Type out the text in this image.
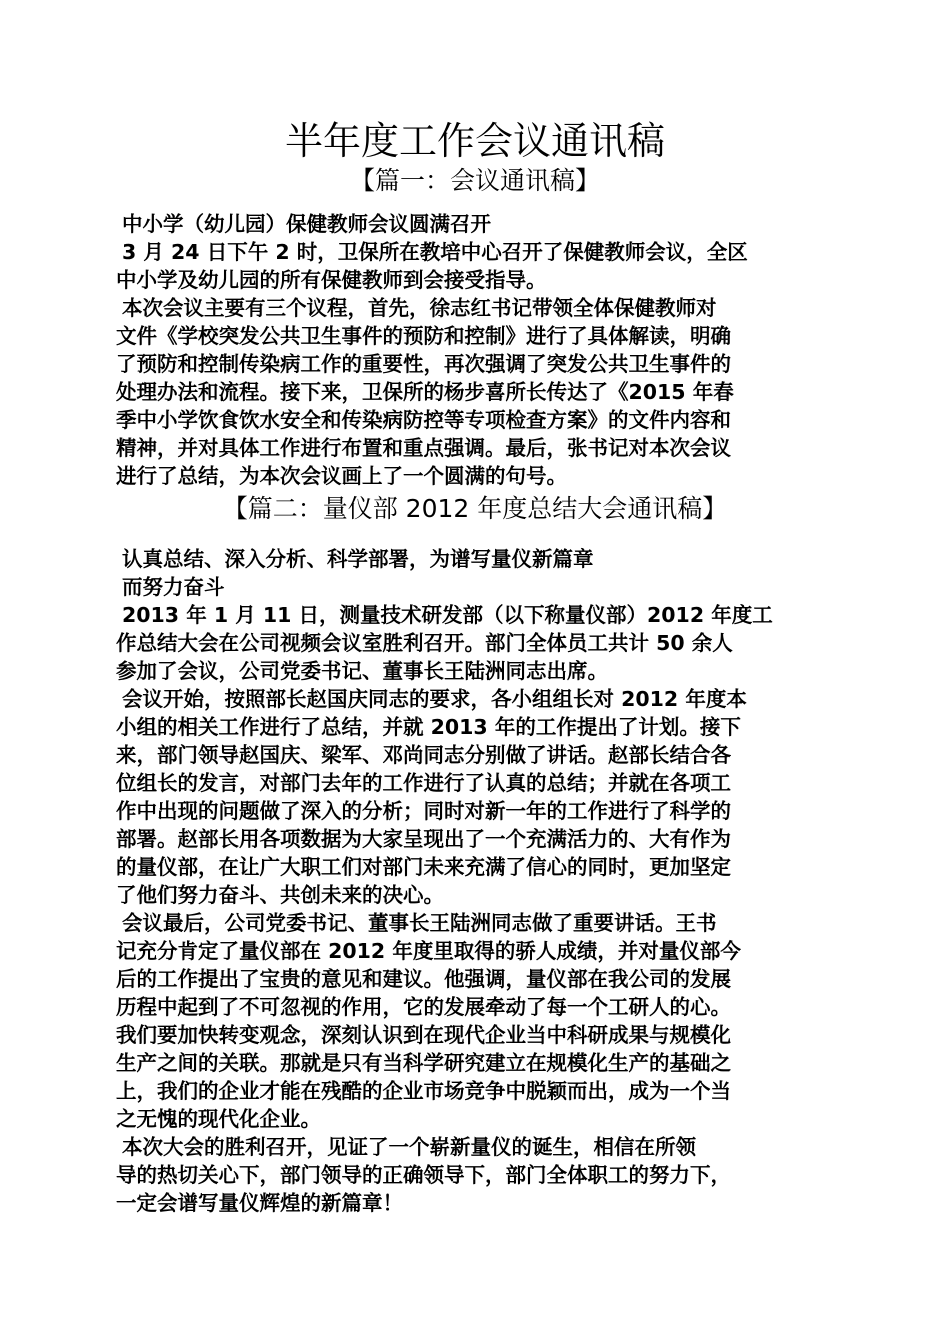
半年度工作会议通讯稿
【篇一：会议通讯稿】
中小学（幼儿园）保健教师会议圆满召开
3 月 24 日下午 2 时，卫保所在教培中心召开了保健教师会议，全区
中小学及幼儿园的所有保健教师到会接受指导。
本次会议主要有三个议程，首先，徐志红书记带领全体保健教师对
文件《学校突发公共卫生事件的预防和控制》进行了具体解读，明确
了预防和控制传染病工作的重要性，再次强调了突发公共卫生事件的
处理办法和流程。接下来，卫保所的杨步喜所长传达了《2015 年春
季中小学饮食饮水安全和传染病防控等专项检查方案》的文件内容和
精神，并对具体工作进行布置和重点强调。最后，张书记对本次会议
进行了总结，为本次会议画上了一个圆满的句号。
【篇二：量仪部 2012 年度总结大会通讯稿】
认真总结、深入分析、科学部署，为谱写量仪新篇章
而努力奋斗
2013 年 1 月 11 日，测量技术研发部（以下称量仪部）2012 年度工
作总结大会在公司视频会议室胜利召开。部门全体员工共计 50 余人
参加了会议，公司党委书记、董事长王陆洲同志出席。
会议开始，按照部长赵国庆同志的要求，各小组组长对 2012 年度本
小组的相关工作进行了总结，并就 2013 年的工作提出了计划。接下
来，部门领导赵国庆、梁军、邓尚同志分别做了讲话。赵部长结合各
位组长的发言，对部门去年的工作进行了认真的总结；并就在各项工
作中出现的问题做了深入的分析；同时对新一年的工作进行了科学的
部署。赵部长用各项数据为大家呈现出了一个充满活力的、大有作为
的量仪部，在让广大职工们对部门未来充满了信心的同时，更加坚定
了他们努力奋斗、共创未来的决心。
会议最后，公司党委书记、董事长王陆洲同志做了重要讲话。王书
记充分肯定了量仪部在 2012 年度里取得的骄人成绩，并对量仪部今
后的工作提出了宝贵的意见和建议。他强调，量仪部在我公司的发展
历程中起到了不可忽视的作用，它的发展牵动了每一个工研人的心。
我们要加快转变观念，深刻认识到在现代企业当中科研成果与规模化
生产之间的关联。那就是只有当科学研究建立在规模化生产的基础之
上，我们的企业才能在残酷的企业市场竞争中脱颖而出，成为一个当
之无愧的现代化企业。
本次大会的胜利召开，见证了一个崭新量仪的诞生，相信在所领
导的热切关心下，部门领导的正确领导下，部门全体职工的努力下，
一定会谱写量仪辉煌的新篇章！
